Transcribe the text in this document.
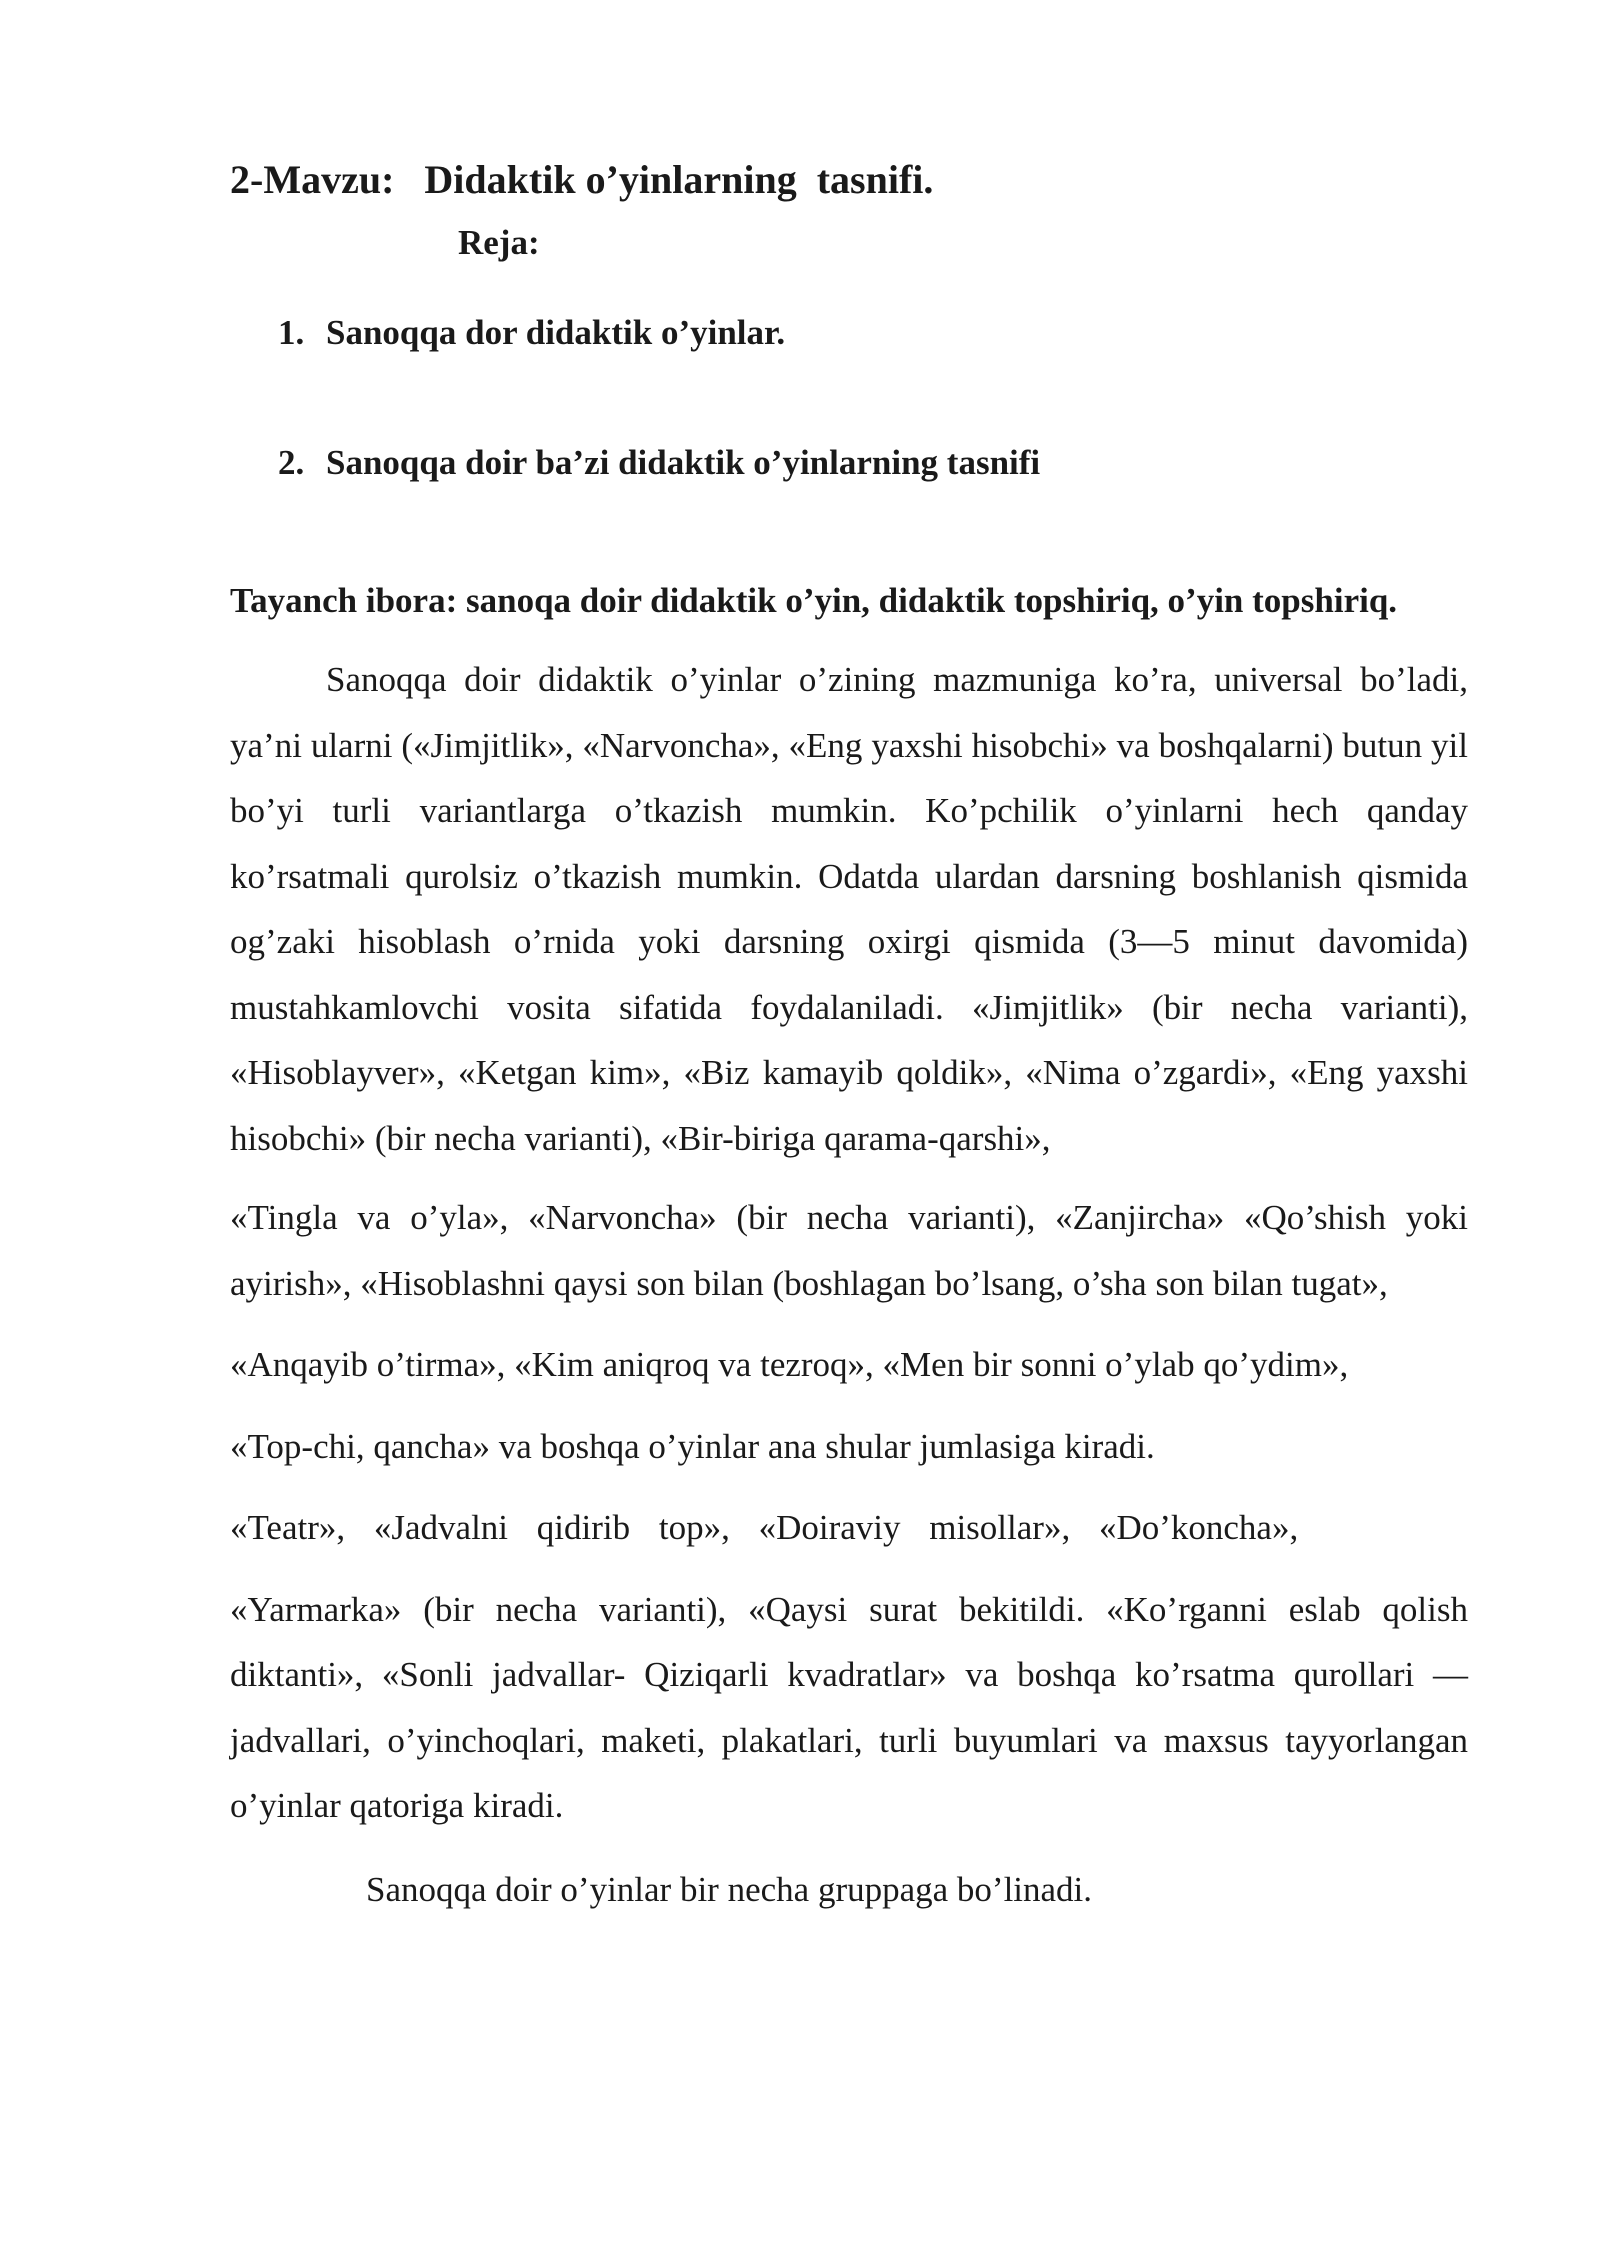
2-Mavzu:   Didaktik o’yinlarning  tasnifi.
Reja:
1. Sanoqqa dor didaktik o’yinlar.
2. Sanoqqa doir ba’zi didaktik o’yinlarning tasnifi

Tayanch ibora: sanoqa doir didaktik o’yin, didaktik topshiriq, o’yin topshiriq.

Sanoqqa doir didaktik o’yinlar o’zining mazmuniga ko’ra, universal bo’ladi, ya’ni ularni («Jimjitlik», «Narvoncha», «Eng yaxshi hisobchi» va boshqalarni) butun yil bo’yi turli variantlarga o’tkazish mumkin. Ko’pchilik o’yinlarni hech qanday ko’rsatmali qurolsiz o’tkazish mumkin. Odatda ulardan darsning boshlanish qismida og’zaki hisoblash o’rnida yoki darsning oxirgi qismida (3—5 minut davomida) mustahkamlovchi vosita sifatida foydalaniladi. «Jimjitlik» (bir necha varianti), «Hisoblayver», «Ketgan kim», «Biz kamayib qoldik», «Nima o’zgardi», «Eng yaxshi hisobchi» (bir necha varianti), «Bir-biriga qarama-qarshi»,

«Tingla va o’yla», «Narvoncha» (bir necha varianti), «Zanjircha» «Qo’shish yoki ayirish», «Hisoblashni qaysi son bilan (boshlagan bo’lsang, o’sha son bilan tugat»,

«Anqayib o’tirma», «Kim aniqroq va tezroq», «Men bir sonni o’ylab qo’ydim»,

«Top-chi, qancha» va boshqa o’yinlar ana shular jumlasiga kiradi.

«Teatr», «Jadvalni qidirib top», «Doiraviy misollar», «Do’koncha»,

«Yarmarka» (bir necha varianti), «Qaysi surat bekitildi. «Ko’rganni eslab qolish diktanti», «Sonli jadvallar- Qiziqarli kvadratlar» va boshqa ko’rsatma qurollari — jadvallari, o’yinchoqlari, maketi, plakatlari, turli buyumlari va maxsus tayyorlangan o’yinlar qatoriga kiradi.

Sanoqqa doir o’yinlar bir necha gruppaga bo’linadi.
